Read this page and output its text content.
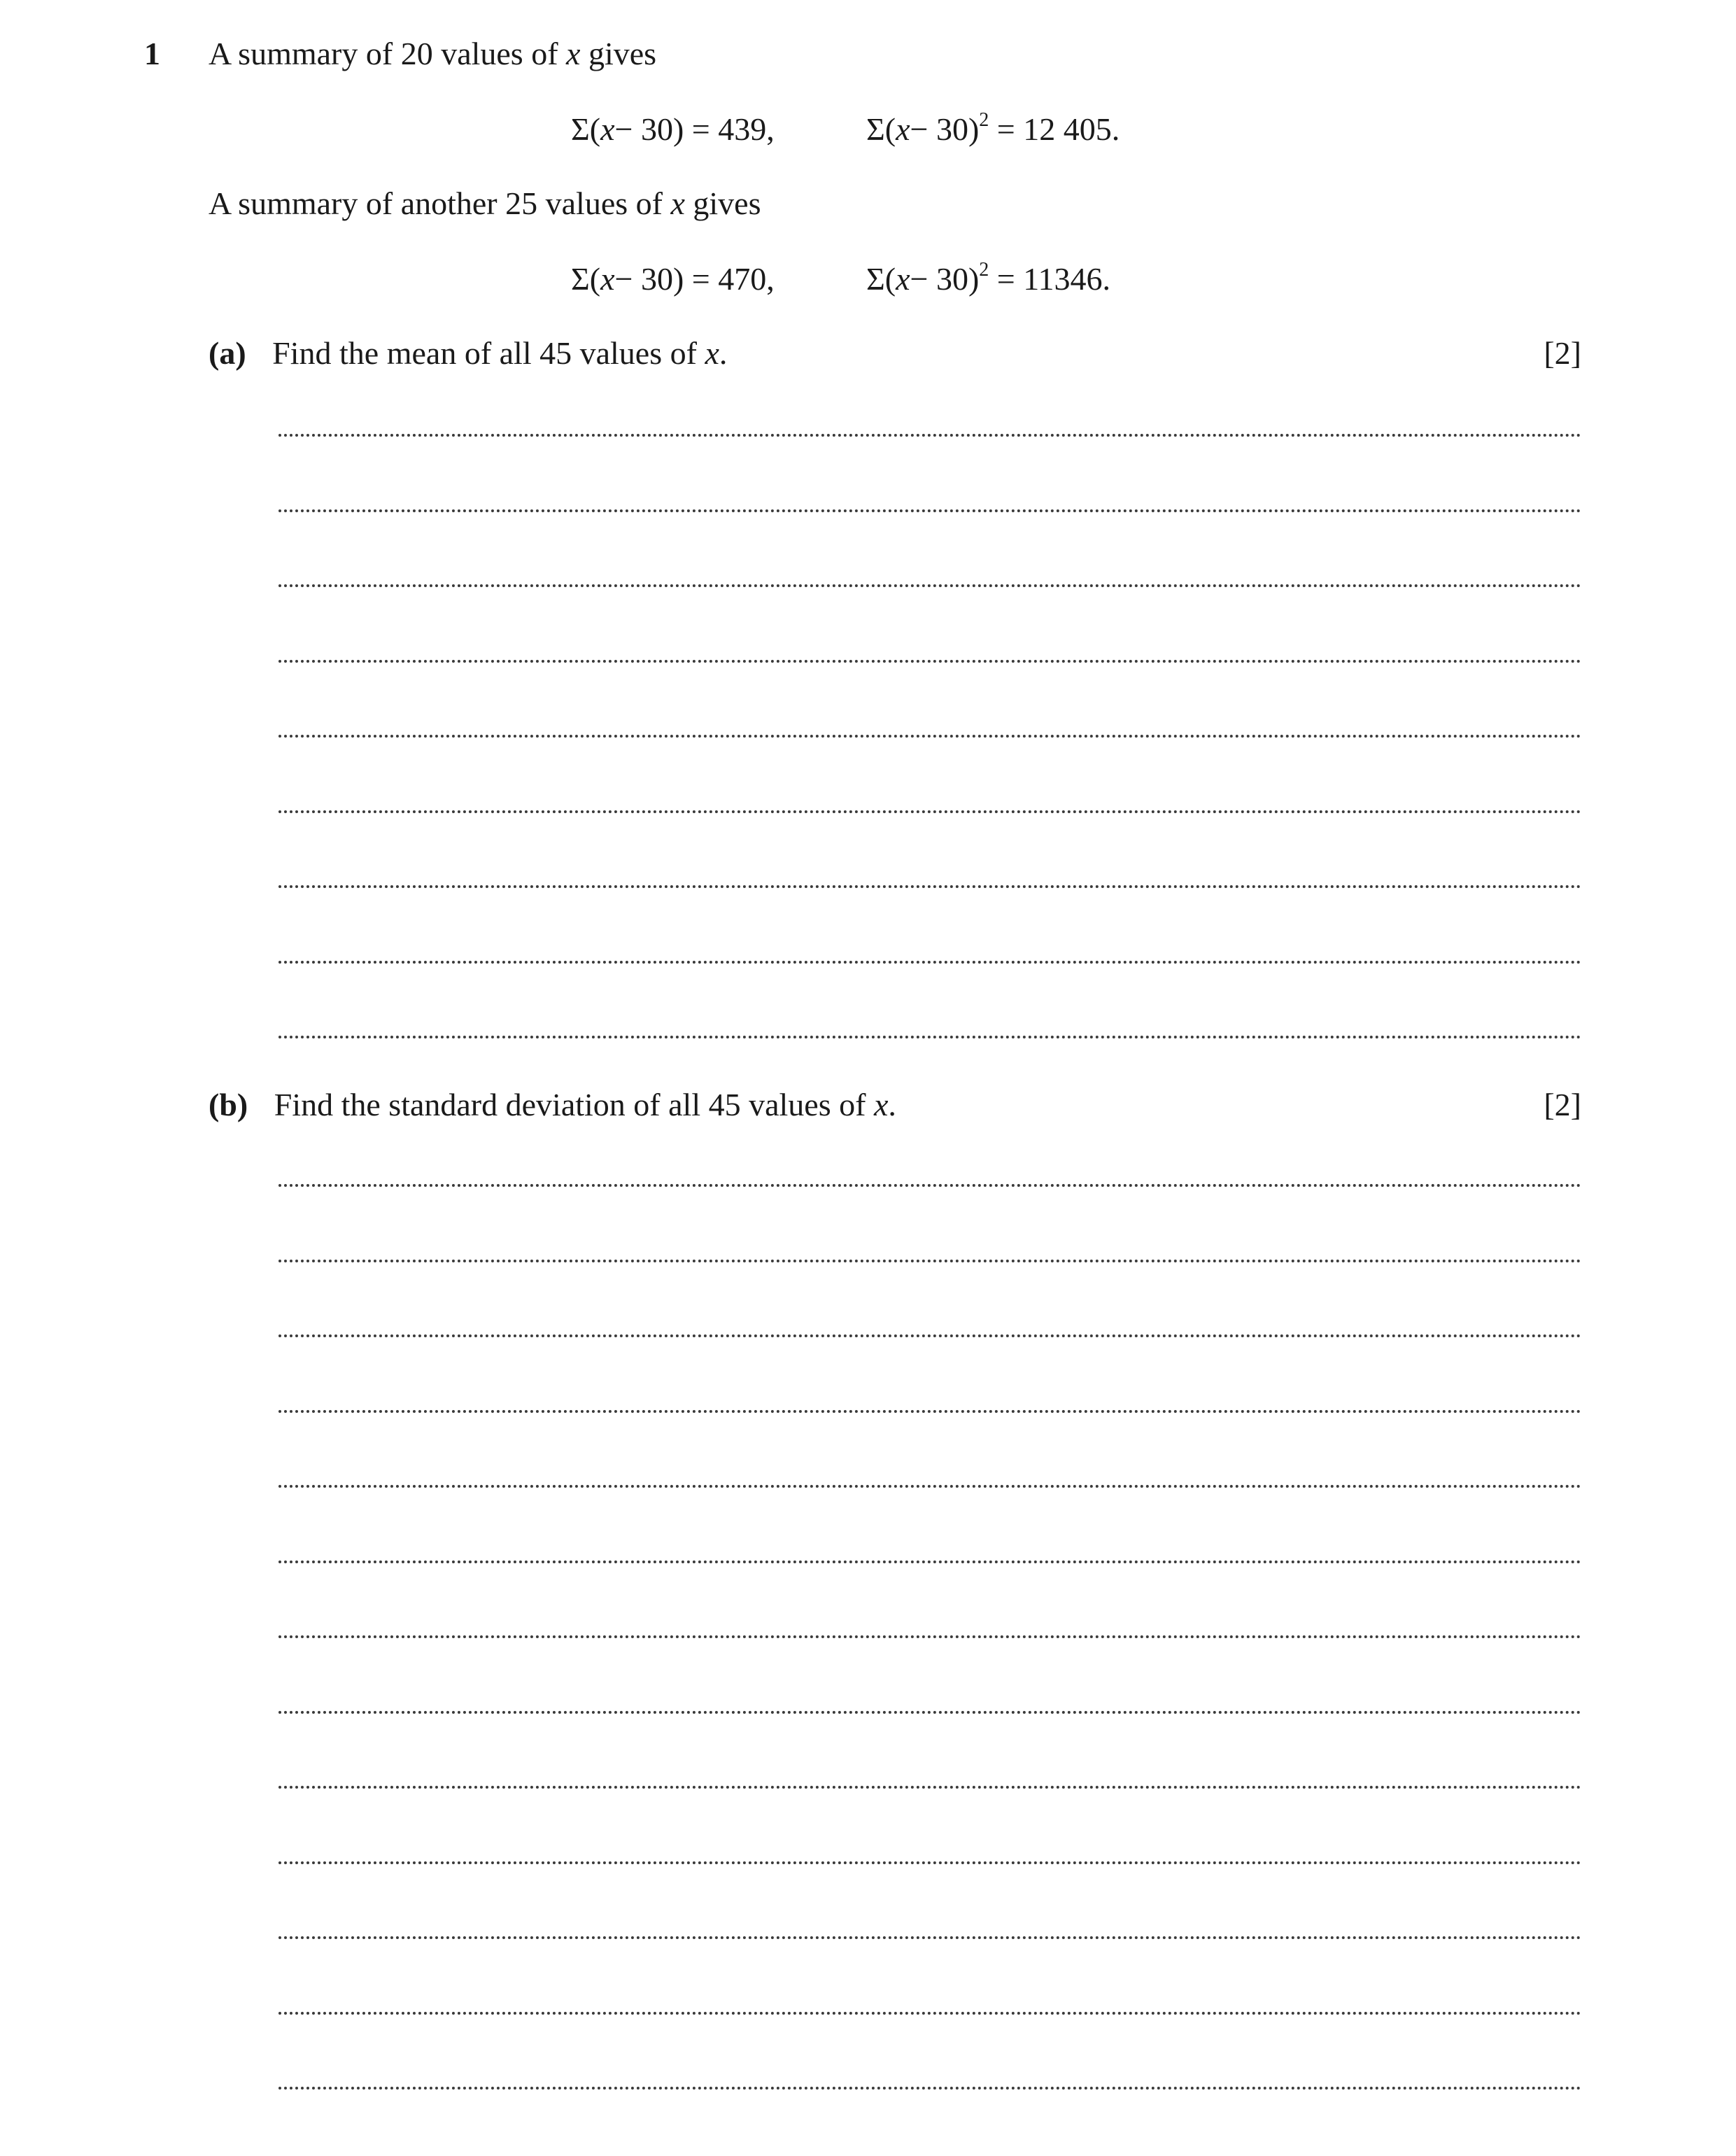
1 A summary of 20 values of x gives
Σ(x− 30) = 439,	$\Sigma(x- 30)^2 = 12$ 405.
A summary of another 25 values of x gives
Σ(x− 30) = 470,	$\Sigma(x- 30)^2 = 11346$.
(a) Find the mean of all 45 values of x.	[2]
(b) Find the standard deviation of all 45 values of x.	[2]
